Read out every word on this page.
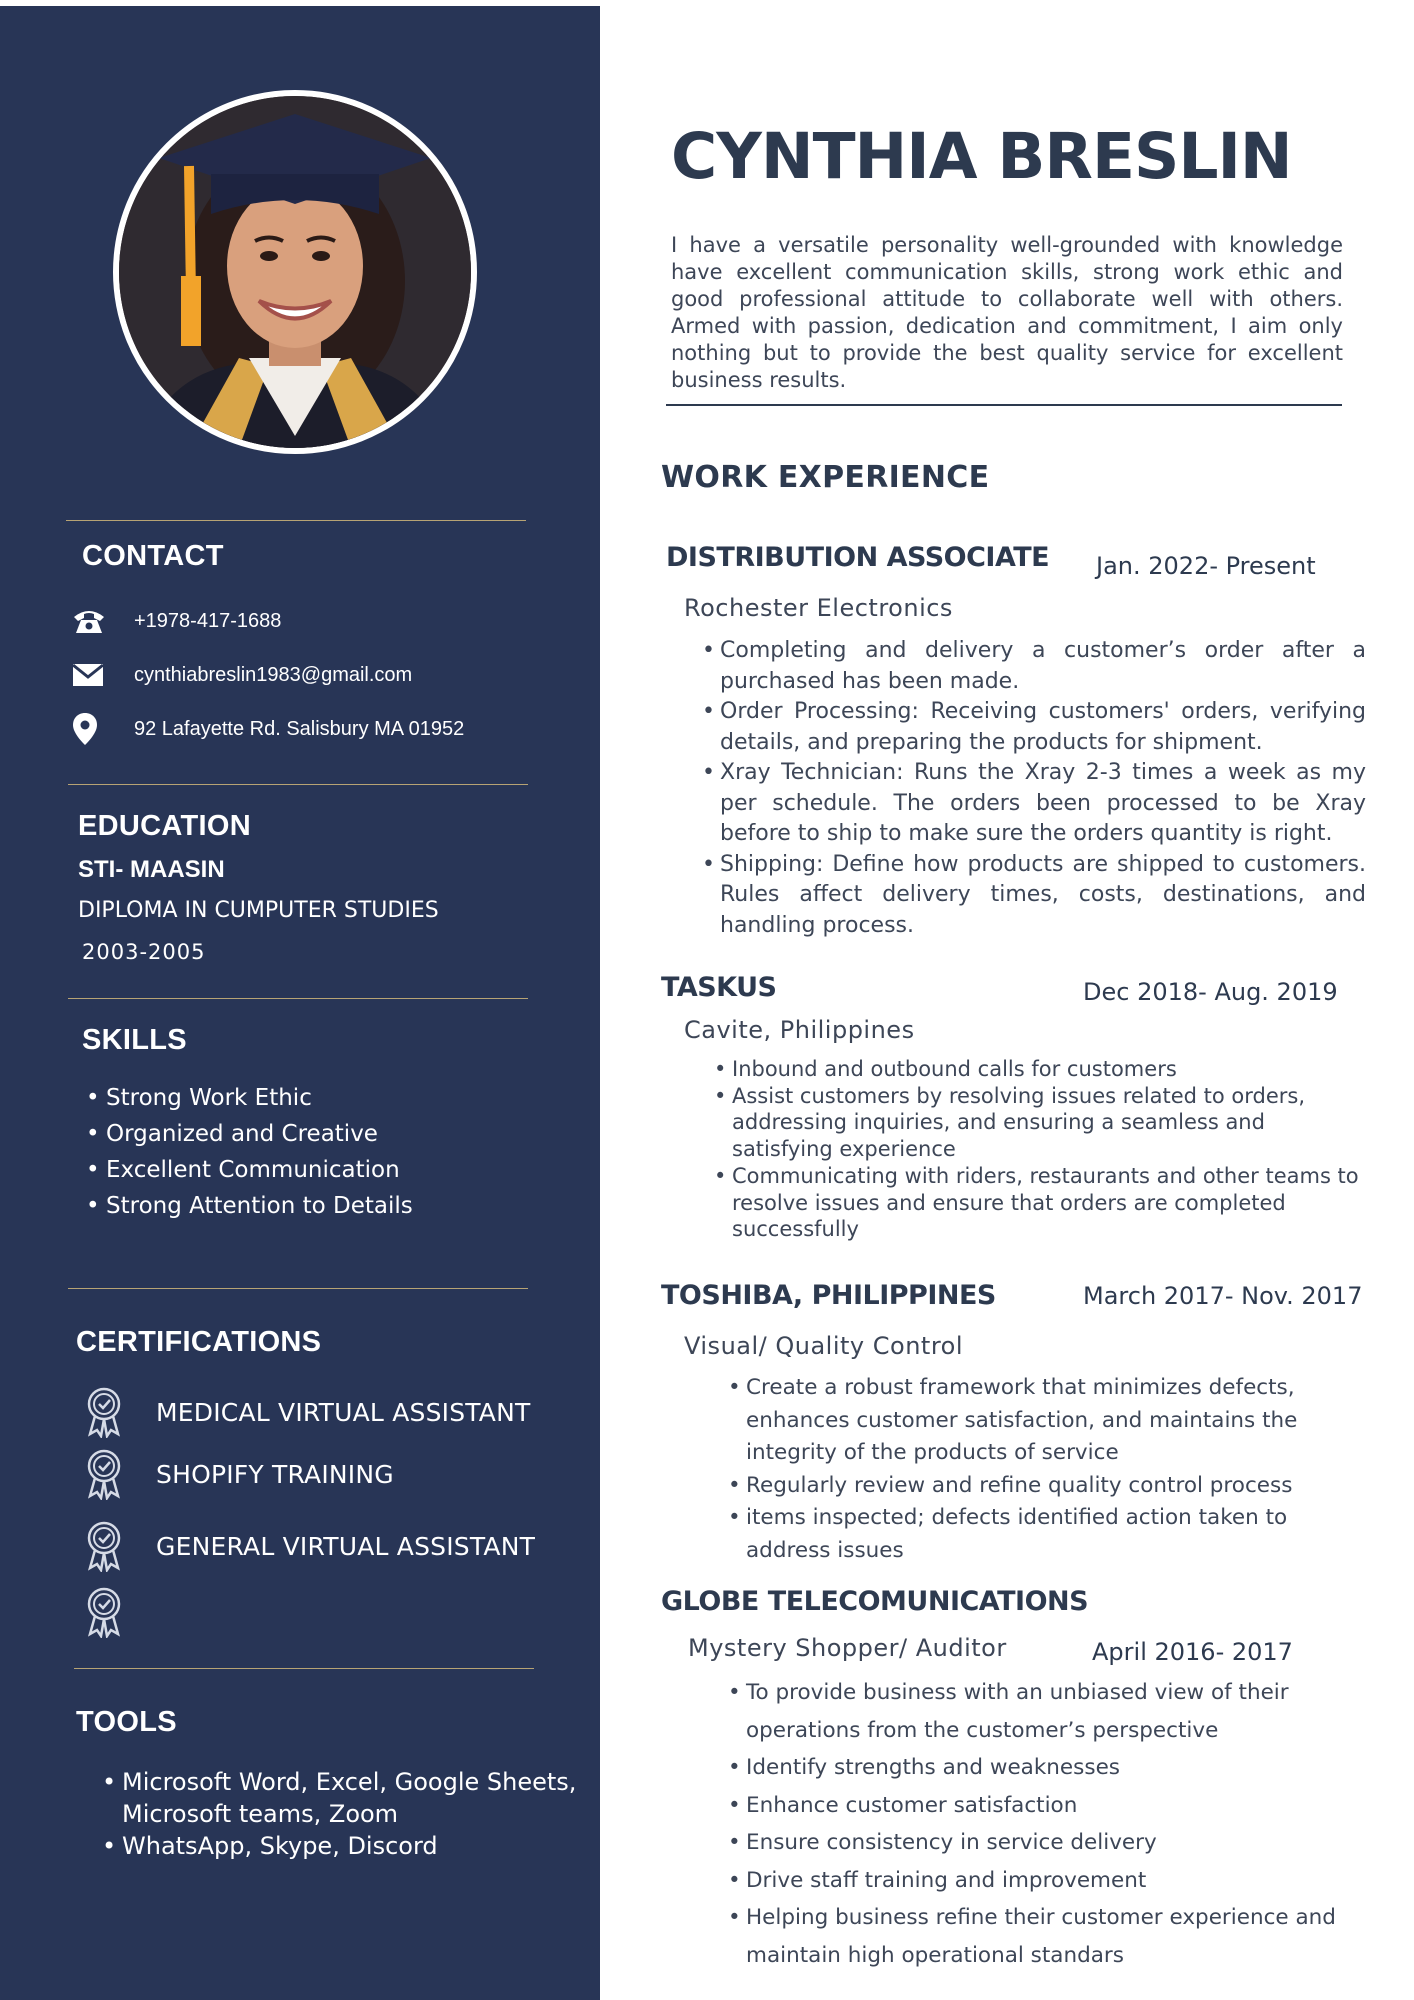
CONTACT
+1978-417-1688
cynthiabreslin1983@gmail.com
92 Lafayette Rd. Salisbury MA 01952
EDUCATION

STI- MAASIN

DIPLOMA IN CUMPUTER STUDIES

2003-2005

SKILLS
• Strong Work Ethic
• Organized and Creative
• Excellent Communication
• Strong Attention to Details
CERTIFICATIONS
MEDICAL VIRTUAL ASSISTANT
SHOPIFY TRAINING
GENERAL VIRTUAL ASSISTANT
TOOLS
• Microsoft Word, Excel, Google Sheets, Microsoft teams, Zoom
• WhatsApp, Skype, Discord
CYNTHIA BRESLIN

I have a versatile personality well-grounded with knowledge have excellent communication skills, strong work ethic and good professional attitude to collaborate well with others. Armed with passion, dedication and commitment, I aim only nothing but to provide the best quality service for excellent business results.

WORK EXPERIENCE
DISTRIBUTION ASSOCIATE Jan. 2022- Present

Rochester Electronics

• Completing and delivery a customer’s order after a purchased has been made.
• Order Processing: Receiving customers' orders, verifying details, and preparing the products for shipment.
• Xray Technician: Runs the Xray 2-3 times a week as my per schedule. The orders been processed to be Xray before to ship to make sure the orders quantity is right.
• Shipping: Define how products are shipped to customers. Rules affect delivery times, costs, destinations, and handling process.
TASKUS	Dec 2018- Aug. 2019

Cavite, Philippines

• Inbound and outbound calls for customers
• Assist customers by resolving issues related to orders, addressing inquiries, and ensuring a seamless and satisfying experience
• Communicating with riders, restaurants and other teams to resolve issues and ensure that orders are completed successfully
TOSHIBA, PHILIPPINES	March 2017- Nov. 2017

Visual/ Quality Control

• Create a robust framework that minimizes defects, enhances customer satisfaction, and maintains the integrity of the products of service
• Regularly review and refine quality control process
• items inspected; defects identified action taken to address issues
GLOBE TELECOMUNICATIONS

Mystery Shopper/ Auditor	April 2016- 2017

• To provide business with an unbiased view of their operations from the customer’s perspective
• Identify strengths and weaknesses
• Enhance customer satisfaction
• Ensure consistency in service delivery
• Drive staff training and improvement
• Helping business refine their customer experience and maintain high operational standars
